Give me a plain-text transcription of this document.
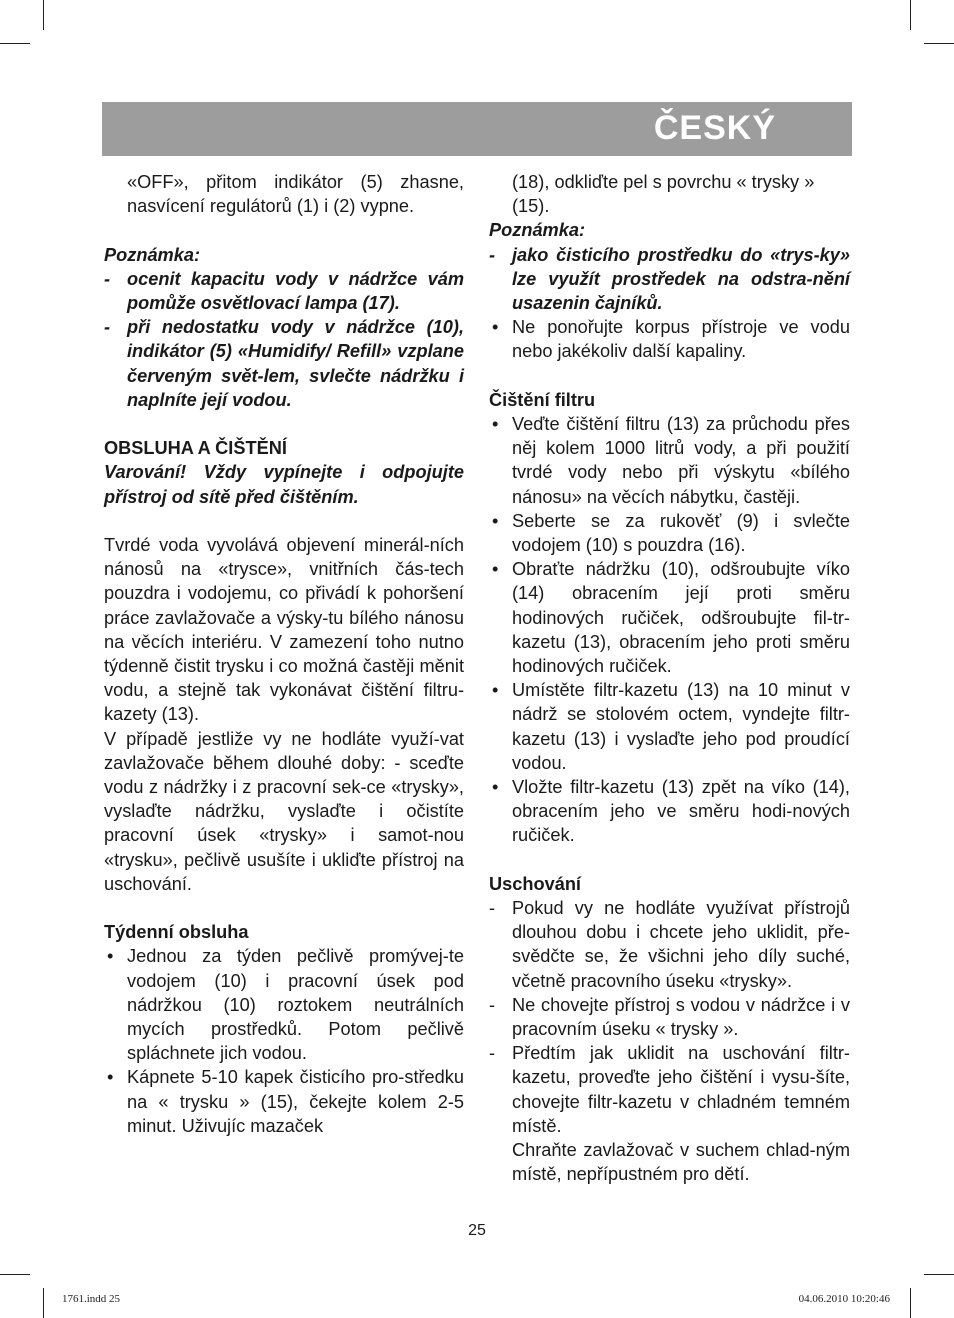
ČESKÝ

«OFF», přitom indikátor (5) zhasne, nasvícení regulátorů (1) i (2) vypne.

Poznámka:
- ocenit kapacitu vody v nádržce vám pomůže osvětlovací lampa (17).
- při nedostatku vody v nádržce (10), indikátor (5) «Humidify/ Refill» vzplane červeným svět-lem, svlečte nádržku i naplníte její vodou.
OBSLUHA A ČIŠTĚNÍ

Varování! Vždy vypínejte i odpojujte přístroj od sítě před čištěním.

Tvrdé voda vyvolává objevení minerál-ních nánosů na «trysce», vnitřních čás-tech pouzdra i vodojemu, co přivádí k pohoršení práce zavlažovače a výsky-tu bílého nánosu na věcích interiéru. V zamezení toho nutno týdenně čistit trysku i co možná častěji měnit vodu, a stejně tak vykonávat čištění filtru-kazety (13).

V případě jestliže vy ne hodláte využí-vat zavlažovače během dlouhé doby: - sceďte vodu z nádržky i z pracovní sek-ce «trysky», vyslaďte nádržku, vyslaďte i očistíte pracovní úsek «trysky» i samot-nou «trysku», pečlivě usušíte i ukliďte přístroj na uschování.

Týdenní obsluha
• Jednou za týden pečlivě promývej-te vodojem (10) i pracovní úsek pod nádržkou (10) roztokem neutrálních mycích prostředků. Potom pečlivě spláchnete jich vodou.
• Kápnete 5-10 kapek čisticího pro-středku na « trysku » (15), čekejte kolem 2-5 minut. Uživujíc mazaček

(18), odkliďte pel s povrchu « trysky » (15).

Poznámka:
- jako čisticího prostředku do «trys-ky» lze využít prostředek na odstra-nění usazenin čajníků.
• Ne ponořujte korpus přístroje ve vodu nebo jakékoliv další kapaliny.
Čištění filtru
• Veďte čištění filtru (13) za průchodu přes něj kolem 1000 litrů vody, a při použití tvrdé vody nebo při výskytu «bílého nánosu» na věcích nábytku, častěji.
• Seberte se za rukověť (9) i svlečte vodojem (10) s pouzdra (16).
• Obraťte nádržku (10), odšroubujte víko (14) obracením její proti směru hodinových ručiček, odšroubujte fil-tr-kazetu (13), obracením jeho proti směru hodinových ručiček.
• Umístěte filtr-kazetu (13) na 10 minut v nádrž se stolovém octem, vyndejte filtr-kazetu (13) i vyslaďte jeho pod proudící vodou.
• Vložte filtr-kazetu (13) zpět na víko (14), obracením jeho ve směru hodi-nových ručiček.
Uschování
- Pokud vy ne hodláte využívat přístrojů dlouhou dobu i chcete jeho uklidit, pře-svědčte se, že všichni jeho díly suché, včetně pracovního úseku «trysky».
- Ne chovejte přístroj s vodou v nádržce i v pracovním úseku « trysky ».
- Předtím jak uklidit na uschování filtr-kazetu, proveďte jeho čištění i vysu-šíte, chovejte filtr-kazetu v chladném temném místě.

Chraňte zavlažovač v suchem chlad-ným místě, nepřípustném pro dětí.

25
1761.indd 25	04.06.2010 10:20:46
